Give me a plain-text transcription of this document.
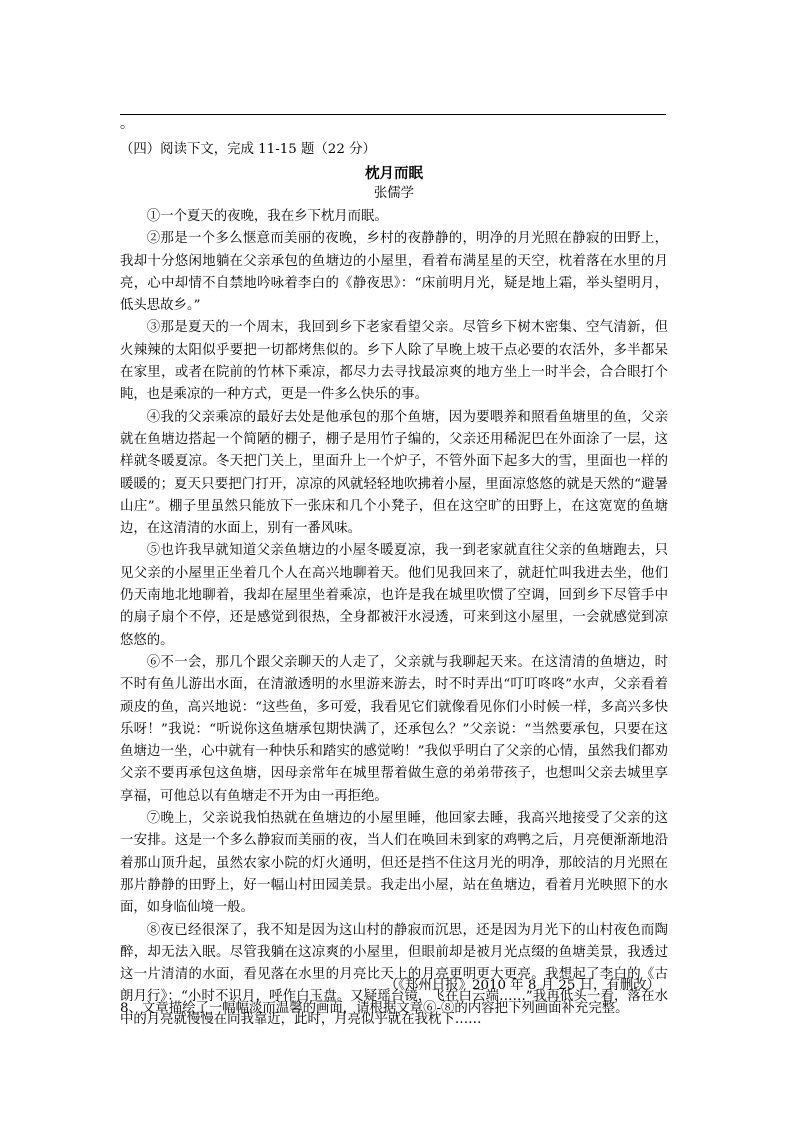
。
（四）阅读下文，完成 11-15 题（22 分）
枕月而眠
张儒学

①一个夏天的夜晚，我在乡下枕月而眠。

②那是一个多么惬意而美丽的夜晚，乡村的夜静静的，明净的月光照在静寂的田野上，我却十分悠闲地躺在父亲承包的鱼塘边的小屋里，看着布满星星的天空，枕着落在水里的月亮，心中却情不自禁地吟咏着李白的《静夜思》：“床前明月光，疑是地上霜，举头望明月，低头思故乡。”

③那是夏天的一个周末，我回到乡下老家看望父亲。尽管乡下树木密集、空气清新，但火辣辣的太阳似乎要把一切都烤焦似的。乡下人除了早晚上坡干点必要的农活外，多半都呆在家里，或者在院前的竹林下乘凉，都尽力去寻找最凉爽的地方坐上一时半会，合合眼打个盹，也是乘凉的一种方式，更是一件多么快乐的事。

④我的父亲乘凉的最好去处是他承包的那个鱼塘，因为要喂养和照看鱼塘里的鱼，父亲就在鱼塘边搭起一个简陋的棚子，棚子是用竹子编的，父亲还用稀泥巴在外面涂了一层，这样就冬暖夏凉。冬天把门关上，里面升上一个炉子，不管外面下起多大的雪，里面也一样的暖暖的；夏天只要把门打开，凉凉的风就轻轻地吹拂着小屋，里面凉悠悠的就是天然的“避暑山庄”。棚子里虽然只能放下一张床和几个小凳子，但在这空旷的田野上，在这宽宽的鱼塘边，在这清清的水面上，别有一番风味。

⑤也许我早就知道父亲鱼塘边的小屋冬暖夏凉，我一到老家就直往父亲的鱼塘跑去，只见父亲的小屋里正坐着几个人在高兴地聊着天。他们见我回来了，就赶忙叫我进去坐，他们仍天南地北地聊着，我却在屋里坐着乘凉，也许是我在城里吹惯了空调，回到乡下尽管手中的扇子扇个不停，还是感觉到很热，全身都被汗水浸透，可来到这小屋里，一会就感觉到凉悠悠的。

⑥不一会，那几个跟父亲聊天的人走了，父亲就与我聊起天来。在这清清的鱼塘边，时不时有鱼儿游出水面，在清澈透明的水里游来游去，时不时弄出“叮叮咚咚”水声，父亲看着顽皮的鱼，高兴地说：“这些鱼，多可爱，我看见它们就像看见你们小时候一样，多高兴多快乐呀！”我说：“听说你这鱼塘承包期快满了，还承包么？”父亲说：“当然要承包，只要在这鱼塘边一坐，心中就有一种快乐和踏实的感觉哟！”我似乎明白了父亲的心情，虽然我们都劝父亲不要再承包这鱼塘，因母亲常年在城里帮着做生意的弟弟带孩子，也想叫父亲去城里享享福，可他总以有鱼塘走不开为由一再拒绝。

⑦晚上，父亲说我怕热就在鱼塘边的小屋里睡，他回家去睡，我高兴地接受了父亲的这一安排。这是一个多么静寂而美丽的夜，当人们在唤回未到家的鸡鸭之后，月亮便渐渐地沿着那山顶升起，虽然农家小院的灯火通明，但还是挡不住这月光的明净，那皎洁的月光照在那片静静的田野上，好一幅山村田园美景。我走出小屋，站在鱼塘边，看着月光映照下的水面，如身临仙境一般。

⑧夜已经很深了，我不知是因为这山村的静寂而沉思，还是因为月光下的山村夜色而陶醉，却无法入眠。尽管我躺在这凉爽的小屋里，但眼前却是被月光点缀的鱼塘美景，我透过这一片清清的水面，看见落在水里的月亮比天上的月亮更明更大更亮。我想起了李白的《古朗月行》：“小时不识月，呼作白玉盘。又疑瑶台镜，飞在白云端……”我再低头一看，落在水中的月亮就慢慢在向我靠近，此时，月亮似乎就在我枕下……

（《郑州日报》2010 年 8 月 25 日，有删改）
8、文章描绘了一幅幅淡而温馨的画面，请根据文章⑥-⑧的内容把下列画面补充完整。
